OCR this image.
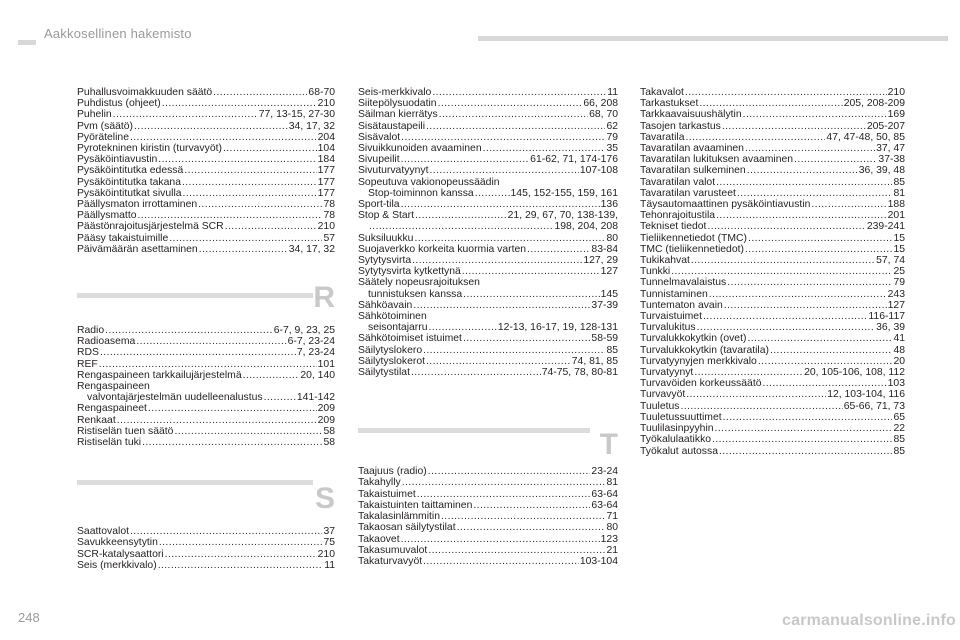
Aakkosellinen hakemisto
Puhallusvoimakkuuden säätö .....	68-70
Puhdistus (ohjeet) .....	210
Puhelin .....	77, 13-15, 27-30
Pvm (säätö) .....	34, 17, 32
Pyöräteline .....	204
Pyrotekninen kiristin (turvavyöt) .....	104
Pysäköintiavustin .....	184
Pysäköintitutka edessä .....	177
Pysäköintitutka takana .....	177
Pysäköintitutkat sivulla .....	177
Päällysmaton irrottaminen .....	78
Päällysmatto .....	78
Päästönrajoitusjärjestelmä SCR .....	210
Pääsy takaistuimille .....	57
Päivämäärän asettaminen .....	34, 17, 32
R
Radio .....	6-7, 9, 23, 25
Radioasema .....	6-7, 23-24
RDS .....	7, 23-24
REF .....	101
Rengaspaineen tarkkailujärjestelmä .....	20, 140
Rengaspaineen
valvontajärjestelmän uudelleenalustus .....	141-142
Rengaspaineet .....	209
Renkaat .....	209
Ristiselän tuen säätö .....	58
Ristiselän tuki .....	58
S
Saattovalot .....	37
Savukkeensytytin .....	75
SCR-katalysaattori .....	210
Seis (merkkivalo) .....	11
Seis-merkkivalo .....	11
Siitepölysuodatin .....	66, 208
Säilman kierrätys .....	68, 70
Sisätaustapeili .....	62
Sisävalot .....	79
Sivuikkunoiden avaaminen .....	35
Sivupeilit .....	61-62, 71, 174-176
Sivuturvatyynyt .....	107-108
Sopeutuva vakionopeussäädin
Stop-toiminnon kanssa .....	145, 152-155, 159, 161
Sport-tila .....	136
Stop & Start .....	21, 29, 67, 70, 138-139,
.....
198, 204, 208
Suksiluukku .....	80
Suojaverkko korkeita kuormia varten .....	83-84
Sytytysvirta .....	127, 29
Sytytysvirta kytkettynä .....	127
Säätely nopeusrajoituksen
tunnistuksen kanssa .....	145
Sähköavain .....	37-39
Sähkötoiminen
seisontajarru .....	12-13, 16-17, 19, 128-131
Sähkötoimiset istuimet .....	58-59
Säilytyslokero .....	85
Säilytyslokerot .....	74, 81, 85
Säilytystilat .....	74-75, 78, 80-81
T
Taajuus (radio) .....	23-24
Takahylly .....	81
Takaistuimet .....	63-64
Takaistuinten taittaminen .....	63-64
Takalasinlämmitin .....	71
Takaosan säilytystilat .....	80
Takaovet .....	123
Takasumuvalot .....	21
Takaturvavyöt .....	103-104
Takavalot .....	210
Tarkastukset .....	205, 208-209
Tarkkaavaisuushälytin .....	169
Tasojen tarkastus .....	205-207
Tavaratila .....	47, 47-48, 50, 85
Tavaratilan avaaminen .....	37, 47
Tavaratilan lukituksen avaaminen .....	37-38
Tavaratilan sulkeminen .....	36, 39, 48
Tavaratilan valot .....	85
Tavaratilan varusteet .....	81
Täysautomaattinen pysäköintiavustin .....	188
Tehonrajoitustila .....	201
Tekniset tiedot .....	239-241
Tieliikennetiedot (TMC) .....	15
TMC (tieliikennetiedot) .....	15
Tukikahvat .....	57, 74
Tunkki .....	25
Tunnelmavalaistus .....	79
Tunnistaminen .....	243
Tuntematon avain .....	127
Turvaistuimet .....	116-117
Turvalukitus .....	36, 39
Turvalukkokytkin (ovet) .....	41
Turvalukkokytkin (tavaratila) .....	48
Turvatyynyjen merkkivalo .....	20
Turvatyynyt .....	20, 105-106, 108, 112
Turvavöiden korkeussäätö .....	103
Turvavyöt .....	12, 103-104, 116
Tuuletus .....	65-66, 71, 73
Tuuletussuuttimet .....	65
Tuulilasinpyyhin .....	22
Työkalulaatikko .....	85
Työkalut autossa .....	85
248	carmanualsonline.info
